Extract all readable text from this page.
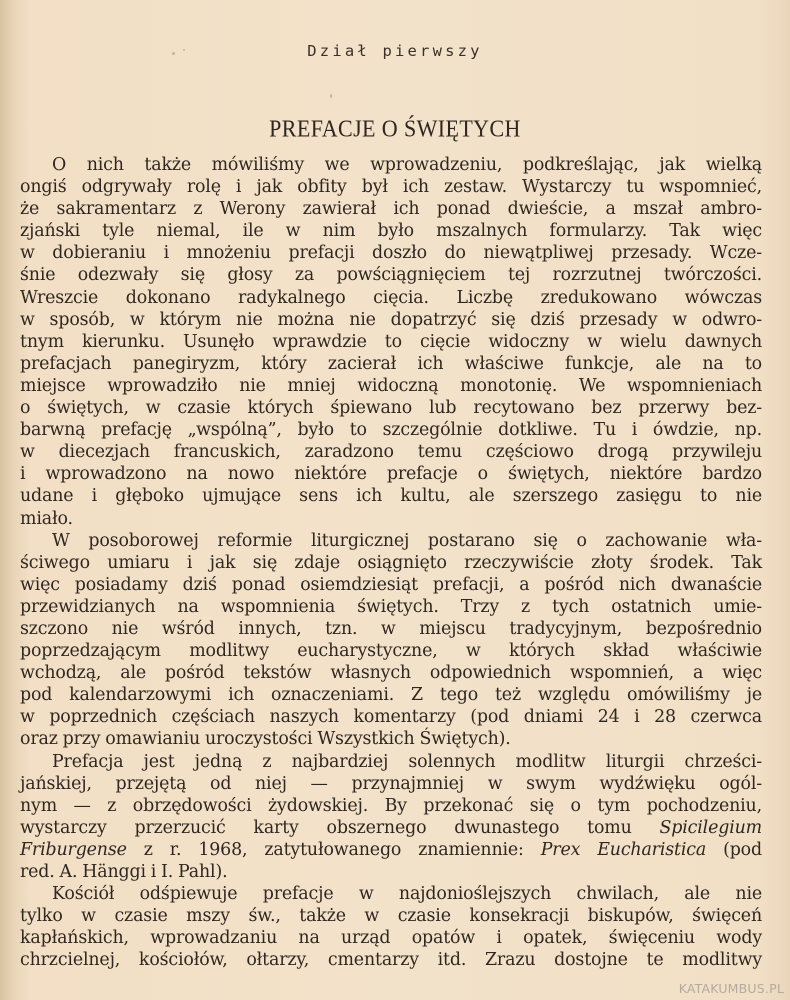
Dział pierwszy
PREFACJE O ŚWIĘTYCH
O nich także mówiliśmy we wprowadzeniu, podkreślając, jak wielką
ongiś odgrywały rolę i jak obfity był ich zestaw. Wystarczy tu wspomnieć,
że sakramentarz z Werony zawierał ich ponad dwieście, a mszał ambro-
zjański tyle niemal, ile w nim było mszalnych formularzy. Tak więc
w dobieraniu i mnożeniu prefacji doszło do niewątpliwej przesady. Wcze-
śnie odezwały się głosy za powściągnięciem tej rozrzutnej twórczości.
Wreszcie dokonano radykalnego cięcia. Liczbę zredukowano wówczas
w sposób, w którym nie można nie dopatrzyć się dziś przesady w odwro-
tnym kierunku. Usunęło wprawdzie to cięcie widoczny w wielu dawnych
prefacjach panegiryzm, który zacierał ich właściwe funkcje, ale na to
miejsce wprowadziło nie mniej widoczną monotonię. We wspomnieniach
o świętych, w czasie których śpiewano lub recytowano bez przerwy bez-
barwną prefację „wspólną”, było to szczególnie dotkliwe. Tu i ówdzie, np.
w diecezjach francuskich, zaradzono temu częściowo drogą przywileju
i wprowadzono na nowo niektóre prefacje o świętych, niektóre bardzo
udane i głęboko ujmujące sens ich kultu, ale szerszego zasięgu to nie
miało.
W posoborowej reformie liturgicznej postarano się o zachowanie wła-
ściwego umiaru i jak się zdaje osiągnięto rzeczywiście złoty środek. Tak
więc posiadamy dziś ponad osiemdziesiąt prefacji, a pośród nich dwanaście
przewidzianych na wspomnienia świętych. Trzy z tych ostatnich umie-
szczono nie wśród innych, tzn. w miejscu tradycyjnym, bezpośrednio
poprzedzającym modlitwy eucharystyczne, w których skład właściwie
wchodzą, ale pośród tekstów własnych odpowiednich wspomnień, a więc
pod kalendarzowymi ich oznaczeniami. Z tego też względu omówiliśmy je
w poprzednich częściach naszych komentarzy (pod dniami 24 i 28 czerwca
oraz przy omawianiu uroczystości Wszystkich Świętych).
Prefacja jest jedną z najbardziej solennych modlitw liturgii chrześci-
jańskiej, przejętą od niej — przynajmniej w swym wydźwięku ogól-
nym — z obrzędowości żydowskiej. By przekonać się o tym pochodzeniu,
wystarczy przerzucić karty obszernego dwunastego tomu Spicilegium
Friburgense z r. 1968, zatytułowanego znamiennie: Prex Eucharistica (pod
red. A. Hänggi i I. Pahl).
Kościół odśpiewuje prefacje w najdonioślejszych chwilach, ale nie
tylko w czasie mszy św., także w czasie konsekracji biskupów, święceń
kapłańskich, wprowadzaniu na urząd opatów i opatek, święceniu wody
chrzcielnej, kościołów, ołtarzy, cmentarzy itd. Zrazu dostojne te modlitwy
KATAKUMBUS.PL
